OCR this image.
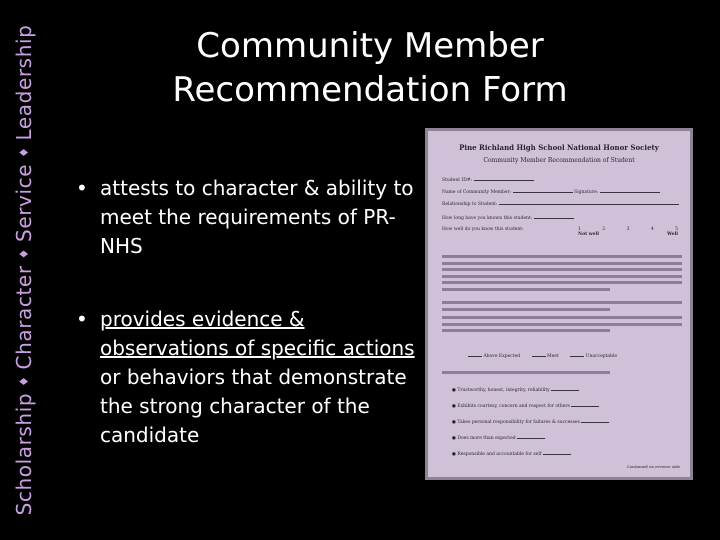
Scholarship♦Character♦Service♦Leadership	Community Member
Recommendation Form
• attests to character & ability to meet the requirements of PR-NHS
• provides evidence & observations of specific actions or behaviors that demonstrate the strong character of the candidate
Pine Richland High School National Honor Society
Community Member Recommendation of Student
Student ID#:
Name of Community Member:	Signature:
Relationship to Student:
How long have you known this student:
How well do you know this student:	1	2	3	4	5
Not well	Well
Above Expected	Meet	Unacceptable
● Trustworthy, honest, integrity, reliability
● Exhibits courtesy, concern and respect for others
● Takes personal responsibility for failures & successes
● Does more than expected
● Responsible and accountable for self
Continued on reverse side
